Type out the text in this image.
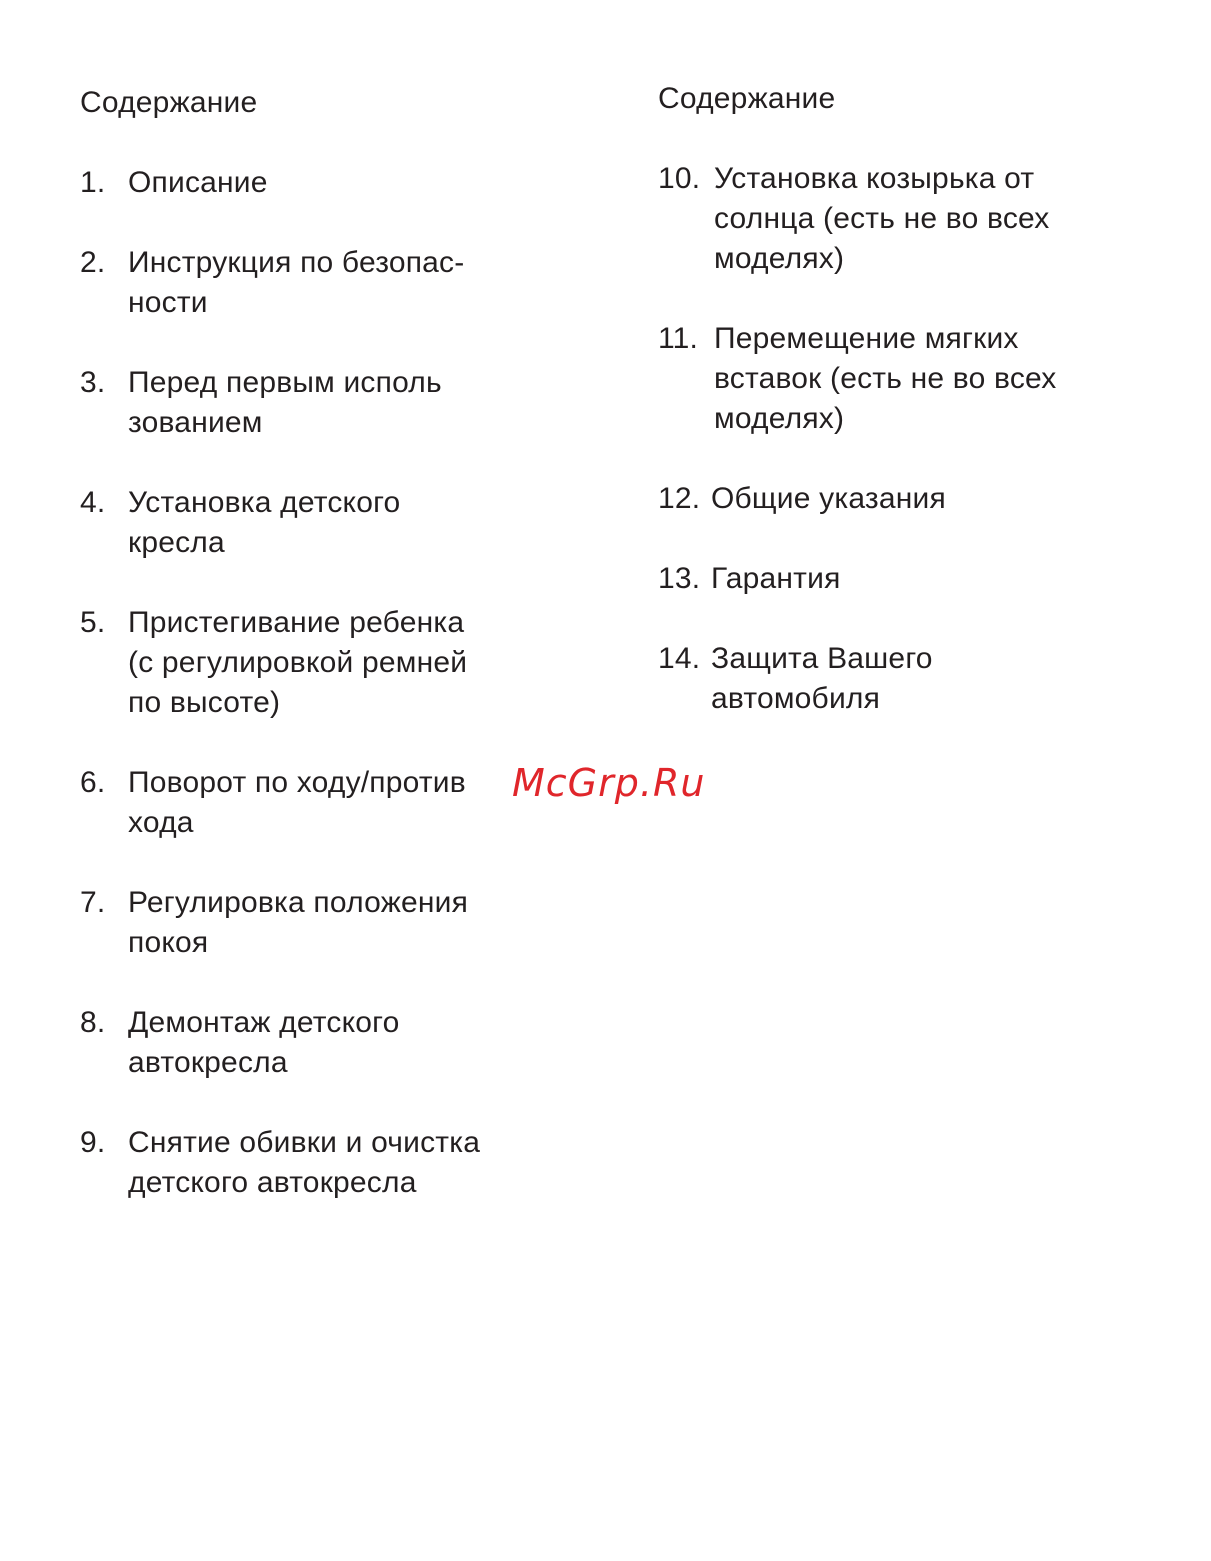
Содержание
1. Описание
2. Инструкция по безопас-
ности
3. Перед первым исполь
зованием
4. Установка детского
кресла
5. Пристегивание ребенка
(с регулировкой ремней
по высоте)
6. Поворот по ходу/против
хода
7. Регулировка положения
покоя
8. Демонтаж детского
автокресла
9. Снятие обивки и очистка
детского автокресла
Содержание
10. Установка козырька от
солнца (есть не во всех
моделях)
11. Перемещение мягких
вставок (есть не во всех
моделях)
12. Общие указания
13. Гарантия
14. Защита Вашего
автомобиля
McGrp.Ru
